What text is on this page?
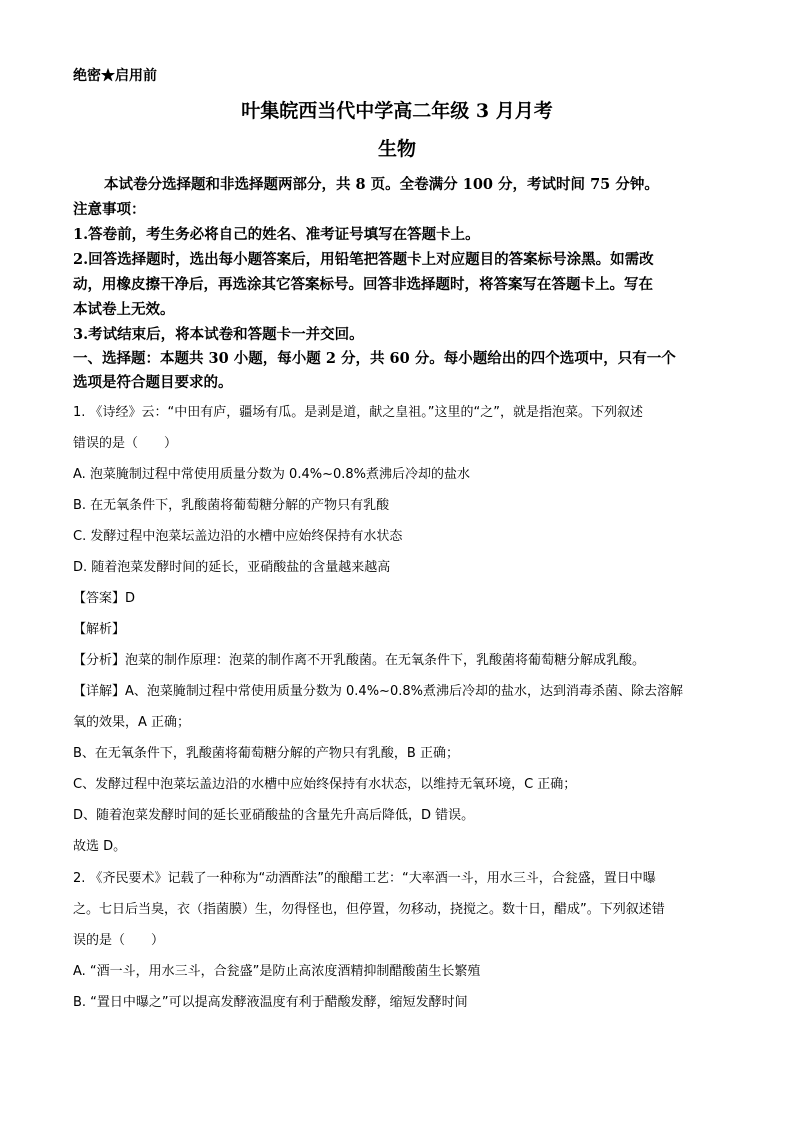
绝密★启用前
叶集皖西当代中学高二年级 3 月月考
生物
本试卷分选择题和非选择题两部分，共 8 页。全卷满分 100 分，考试时间 75 分钟。
注意事项：
1.答卷前，考生务必将自己的姓名、准考证号填写在答题卡上。
2.回答选择题时，选出每小题答案后，用铅笔把答题卡上对应题目的答案标号涂黑。如需改
动，用橡皮擦干净后，再选涂其它答案标号。回答非选择题时，将答案写在答题卡上。写在
本试卷上无效。
3.考试结束后，将本试卷和答题卡一并交回。
一、选择题：本题共 30 小题，每小题 2 分，共 60 分。每小题给出的四个选项中，只有一个
选项是符合题目要求的。
1. 《诗经》云：“中田有庐，疆场有瓜。是剥是道，献之皇祖。”这里的“之”，就是指泡菜。下列叙述
错误的是（　　）
A. 泡菜腌制过程中常使用质量分数为 0.4%~0.8%煮沸后冷却的盐水
B. 在无氧条件下，乳酸菌将葡萄糖分解的产物只有乳酸
C. 发酵过程中泡菜坛盖边沿的水槽中应始终保持有水状态
D. 随着泡菜发酵时间的延长，亚硝酸盐的含量越来越高
【答案】D
【解析】
【分析】泡菜的制作原理：泡菜的制作离不开乳酸菌。在无氧条件下，乳酸菌将葡萄糖分解成乳酸。
【详解】A、泡菜腌制过程中常使用质量分数为 0.4%~0.8%煮沸后冷却的盐水，达到消毒杀菌、除去溶解
氧的效果，A 正确；
B、在无氧条件下，乳酸菌将葡萄糖分解的产物只有乳酸，B 正确；
C、发酵过程中泡菜坛盖边沿的水槽中应始终保持有水状态，以维持无氧环境，C 正确；
D、随着泡菜发酵时间的延长亚硝酸盐的含量先升高后降低，D 错误。
故选 D。
2. 《齐民要术》记载了一种称为“动酒酢法”的酿醋工艺：“大率酒一斗，用水三斗，合瓮盛，置日中曝
之。七日后当臭，衣（指菌膜）生，勿得怪也，但停置，勿移动，挠搅之。数十日，醋成”。下列叙述错
误的是（　　）
A. “酒一斗，用水三斗，合瓮盛”是防止高浓度酒精抑制醋酸菌生长繁殖
B. “置日中曝之”可以提高发酵液温度有利于醋酸发酵，缩短发酵时间
